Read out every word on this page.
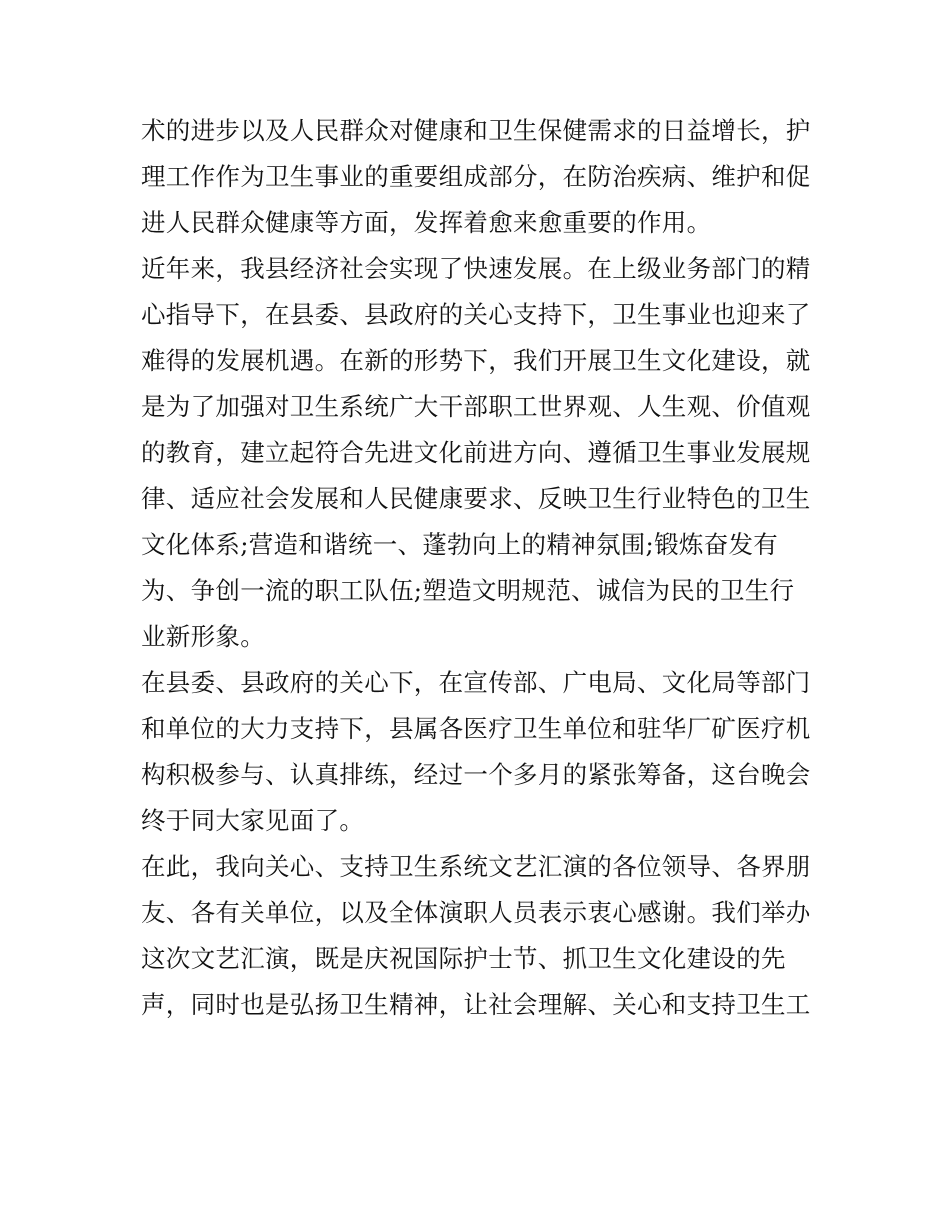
术的进步以及人民群众对健康和卫生保健需求的日益增长，护
理工作作为卫生事业的重要组成部分，在防治疾病、维护和促
进人民群众健康等方面，发挥着愈来愈重要的作用。
近年来，我县经济社会实现了快速发展。在上级业务部门的精
心指导下，在县委、县政府的关心支持下，卫生事业也迎来了
难得的发展机遇。在新的形势下，我们开展卫生文化建设，就
是为了加强对卫生系统广大干部职工世界观、人生观、价值观
的教育，建立起符合先进文化前进方向、遵循卫生事业发展规
律、适应社会发展和人民健康要求、反映卫生行业特色的卫生
文化体系;营造和谐统一、蓬勃向上的精神氛围;锻炼奋发有
为、争创一流的职工队伍;塑造文明规范、诚信为民的卫生行
业新形象。
在县委、县政府的关心下，在宣传部、广电局、文化局等部门
和单位的大力支持下，县属各医疗卫生单位和驻华厂矿医疗机
构积极参与、认真排练，经过一个多月的紧张筹备，这台晚会
终于同大家见面了。
在此，我向关心、支持卫生系统文艺汇演的各位领导、各界朋
友、各有关单位，以及全体演职人员表示衷心感谢。我们举办
这次文艺汇演，既是庆祝国际护士节、抓卫生文化建设的先
声，同时也是弘扬卫生精神，让社会理解、关心和支持卫生工
